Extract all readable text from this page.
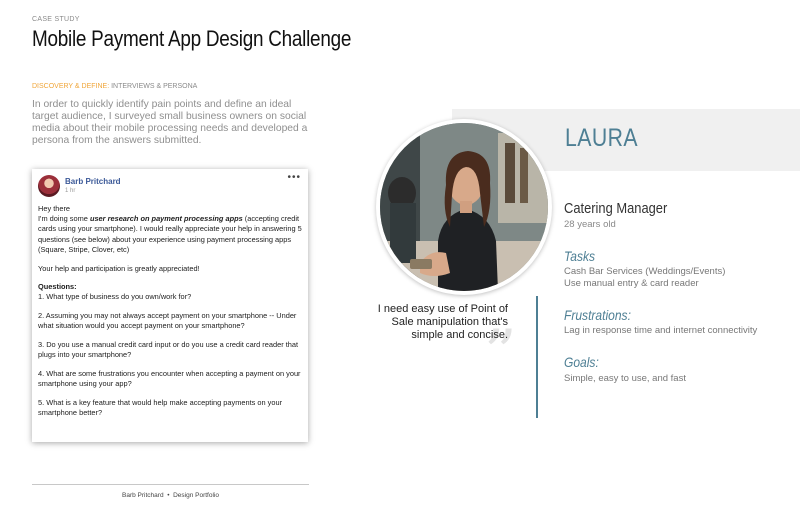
CASE STUDY
Mobile Payment App Design Challenge
DISCOVERY & DEFINE: INTERVIEWS & PERSONA
In order to quickly identify pain points and define an ideal target audience, I surveyed small business owners on social media about their mobile processing needs and developed a persona from the answers submitted.
Barb Pritchard
1 hr
•••
Hey there
I'm doing some user research on payment processing apps (accepting credit cards using your smartphone). I would really appreciate your help in answering 5 questions (see below) about your experience using payment processing apps (Square, Stripe, Clover, etc)

Your help and participation is greatly appreciated!

Questions:

1. What type of business do you own/work for?

2. Assuming you may not always accept payment on your smartphone -- Under what situation would you accept payment on your smartphone?

3. Do you use a manual credit card input or do you use a credit card reader that plugs into your smartphone?

4. What are some frustrations you encounter when accepting a payment on your smartphone using your app?

5. What is a key feature that would help make accepting payments on your smartphone better?

Barb Pritchard • Design Portfolio
LAURA
”
I need easy use of Point of Sale manipulation that's simple and concise.
Catering Manager
28 years old
Tasks
Cash Bar Services (Weddings/Events)
Use manual entry & card reader
Frustrations:
Lag in response time and internet connectivity
Goals:
Simple, easy to use, and fast
